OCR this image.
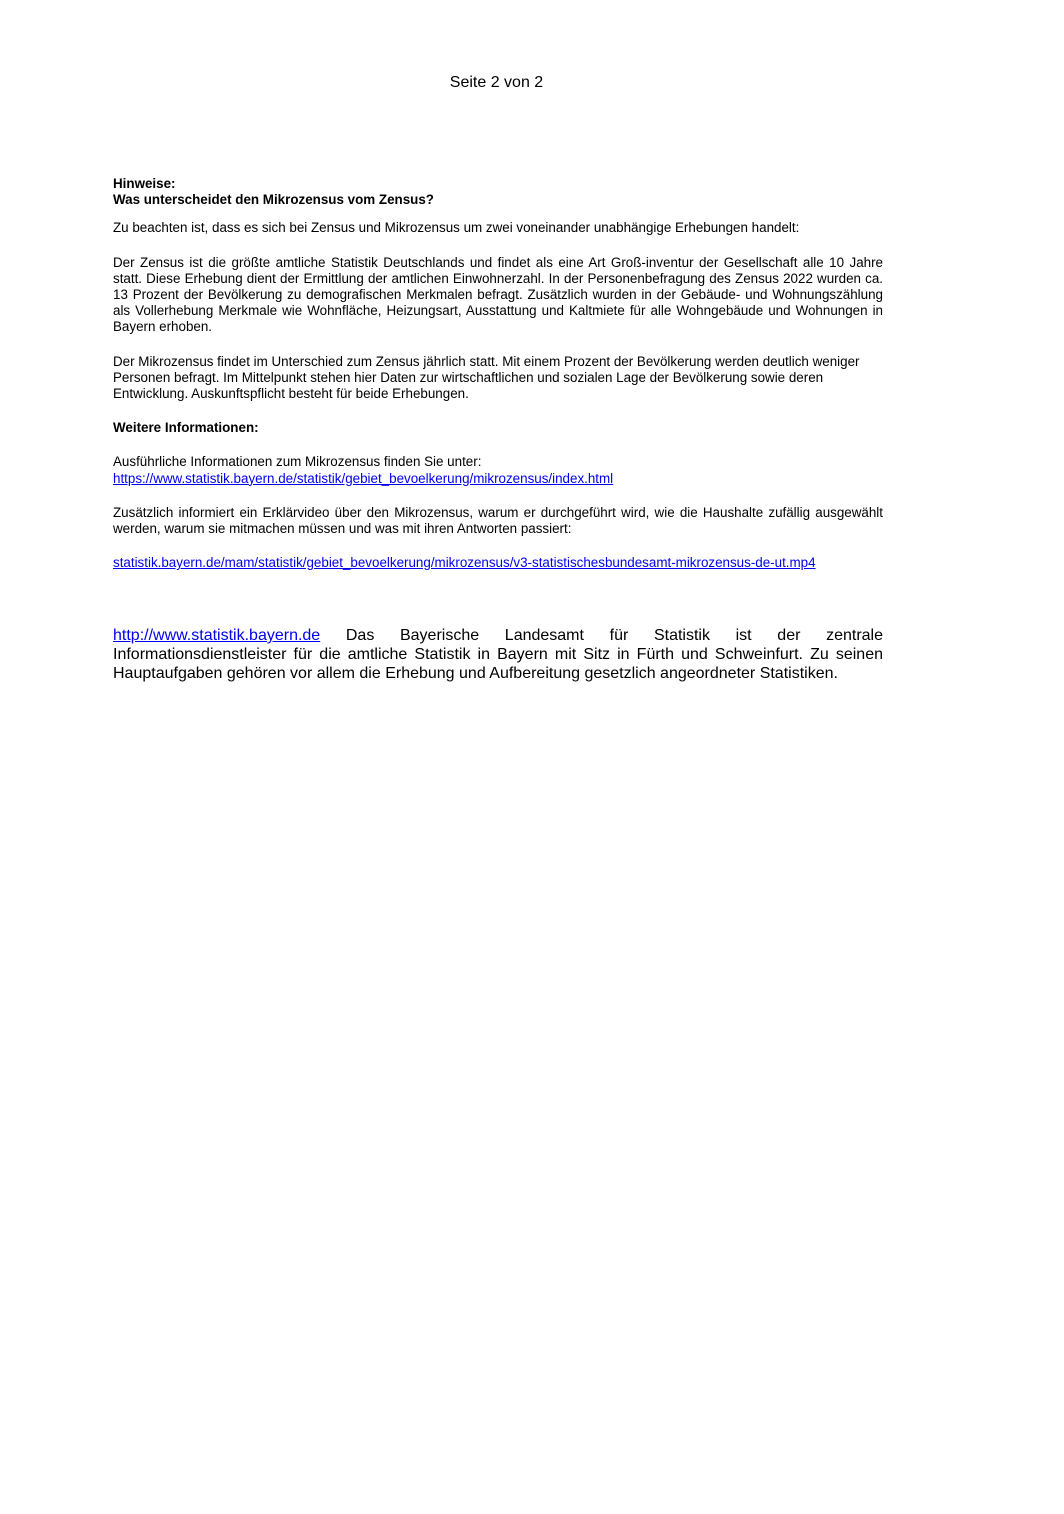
Seite 2 von 2

Hinweise:

Was unterscheidet den Mikrozensus vom Zensus?

Zu beachten ist, dass es sich bei Zensus und Mikrozensus um zwei voneinander unabhängige Erhebungen handelt:

Der Zensus ist die größte amtliche Statistik Deutschlands und findet als eine Art Groß-inventur der Gesellschaft alle 10 Jahre statt. Diese Erhebung dient der Ermittlung der amtlichen Einwohnerzahl. In der Personenbefragung des Zensus 2022 wurden ca. 13 Prozent der Bevölkerung zu demografischen Merkmalen befragt. Zusätzlich wurden in der Gebäude- und Wohnungszählung als Vollerhebung Merkmale wie Wohnfläche, Heizungsart, Ausstattung und Kaltmiete für alle Wohngebäude und Wohnungen in Bayern erhoben.

Der Mikrozensus findet im Unterschied zum Zensus jährlich statt. Mit einem Prozent der Bevölkerung werden deutlich weniger Personen befragt. Im Mittelpunkt stehen hier Daten zur wirtschaftlichen und sozialen Lage der Bevölkerung sowie deren Entwicklung. Auskunftspflicht besteht für beide Erhebungen.

Weitere Informationen:

Ausführliche Informationen zum Mikrozensus finden Sie unter:

https://www.statistik.bayern.de/statistik/gebiet_bevoelkerung/mikrozensus/index.html

Zusätzlich informiert ein Erklärvideo über den Mikrozensus, warum er durchgeführt wird, wie die Haushalte zufällig ausgewählt werden, warum sie mitmachen müssen und was mit ihren Antworten passiert:

statistik.bayern.de/mam/statistik/gebiet_bevoelkerung/mikrozensus/v3-statistischesbundesamt-mikrozensus-de-ut.mp4

http://www.statistik.bayern.de Das Bayerische Landesamt für Statistik ist der zentrale Informationsdienstleister für die amtliche Statistik in Bayern mit Sitz in Fürth und Schweinfurt. Zu seinen Hauptaufgaben gehören vor allem die Erhebung und Aufbereitung gesetzlich angeordneter Statistiken.
